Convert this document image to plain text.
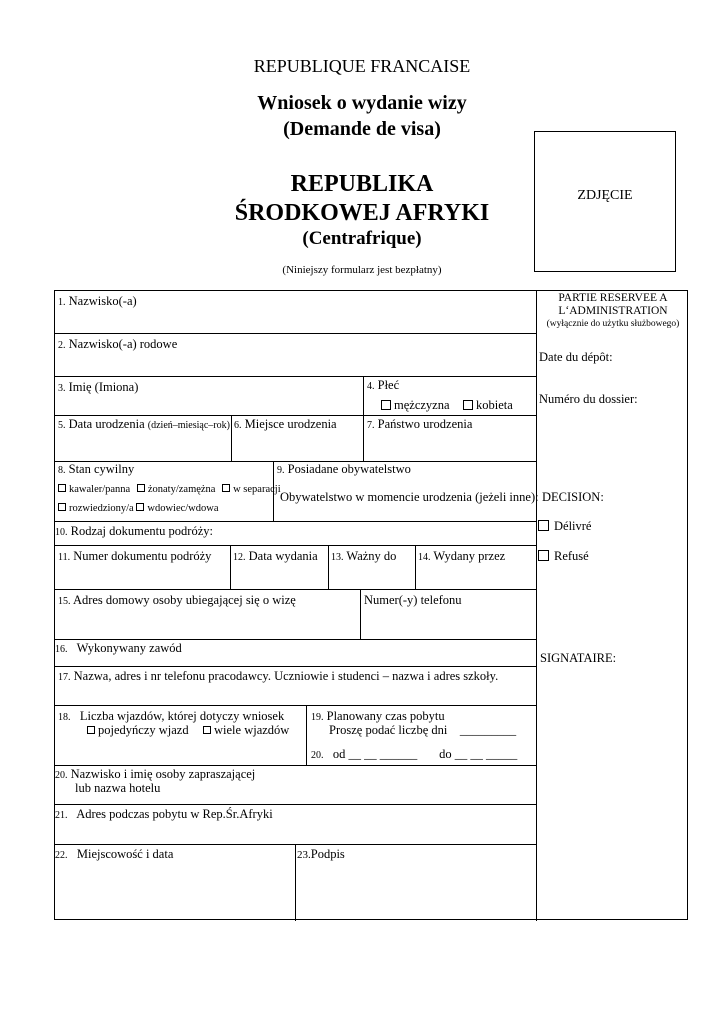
REPUBLIQUE FRANCAISE
Wniosek o wydanie wizy
(Demande de visa)
REPUBLIKA
ŚRODKOWEJ AFRYKI
(Centrafrique)
(Niniejszy formularz jest bezpłatny)
ZDJĘCIE
1. Nazwisko(-a)
2. Nazwisko(-a) rodowe
3. Imię (Imiona)	4. Płeć
mężczyzna	kobieta
5. Data urodzenia (dzień–miesiąc–rok) 6. Miejsce urodzenia	7. Państwo urodzenia
8. Stan cywilny
kawaler/panna żonaty/zamężna w separacji
rozwiedziony/a wdowiec/wdowa
9. Posiadane obywatelstwo
Obywatelstwo w momencie urodzenia (jeżeli inne):
10. Rodzaj dokumentu podróży:
11. Numer dokumentu podróży 12. Data wydania 13. Ważny do 14. Wydany przez
15. Adres domowy osoby ubiegającej się o wizę	Numer(-y) telefonu
16. Wykonywany zawód
17. Nazwa, adres i nr telefonu pracodawcy. Uczniowie i studenci – nazwa i adres szkoły.
18. Liczba wjazdów, której dotyczy wniosek
pojedyńczy wjazd	wiele wjazdów
19. Planowany czas pobytu
Proszę podać liczbę dni _________
20. od __ __ ______ do __ __ _____
20. Nazwisko i imię osoby zapraszającej
lub nazwa hotelu
21. Adres podczas pobytu w Rep.Śr.Afryki
22. Miejscowość i data	23.Podpis
PARTIE RESERVEE A
L‘ADMINISTRATION
(wyłącznie do użytku służbowego)
Date du dépôt:
Numéro du dossier:
DECISION:
Délivré
Refusé
SIGNATAIRE:
